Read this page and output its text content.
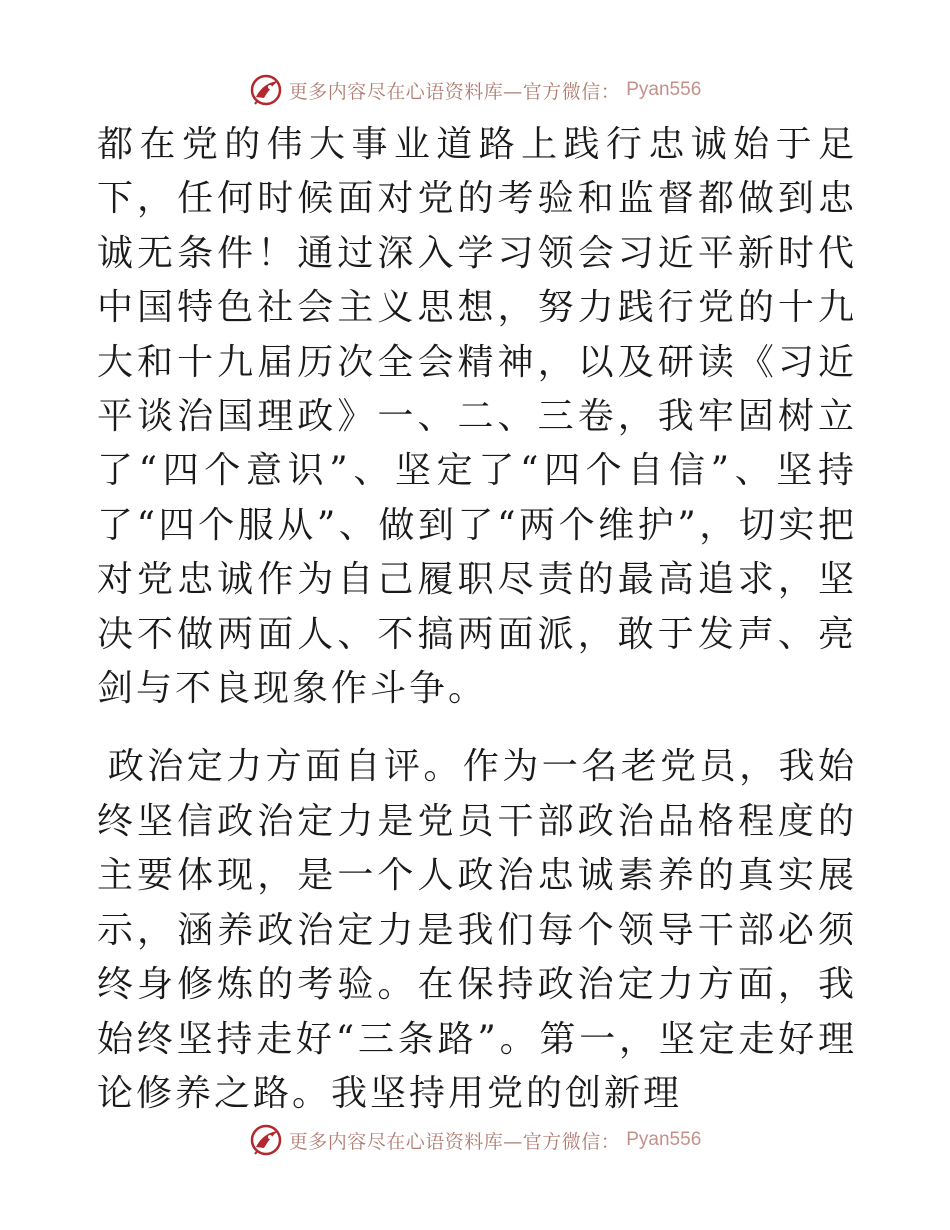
更多内容尽在心语资料库—官方微信： Pyan556

都在党的伟大事业道路上践行忠诚始于足下，任何时候面对党的考验和监督都做到忠诚无条件！通过深入学习领会习近平新时代中国特色社会主义思想，努力践行党的十九大和十九届历次全会精神，以及研读《习近平谈治国理政》一、二、三卷，我牢固树立了“四个意识”、坚定了“四个自信”、坚持了“四个服从”、做到了“两个维护”，切实把对党忠诚作为自己履职尽责的最高追求，坚决不做两面人、不搞两面派，敢于发声、亮剑与不良现象作斗争。

政治定力方面自评。作为一名老党员，我始终坚信政治定力是党员干部政治品格程度的主要体现，是一个人政治忠诚素养的真实展示，涵养政治定力是我们每个领导干部必须终身修炼的考验。在保持政治定力方面，我始终坚持走好“三条路”。第一，坚定走好理论修养之路。我坚持用党的创新理

更多内容尽在心语资料库—官方微信： Pyan556
